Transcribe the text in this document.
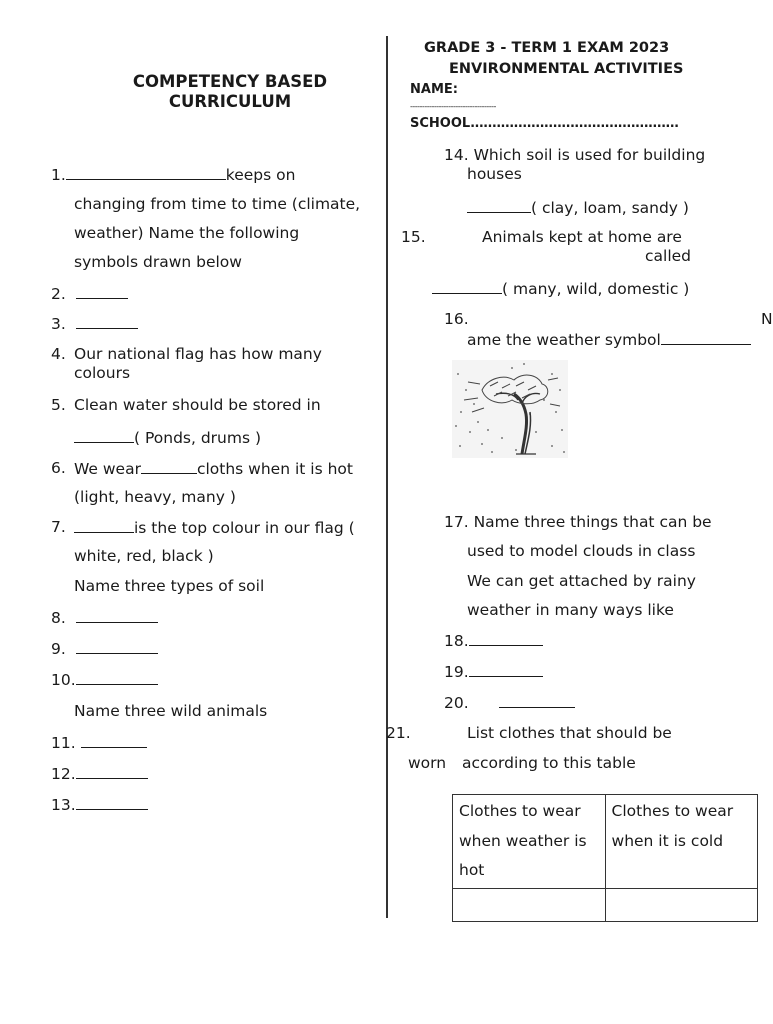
COMPETENCY BASED
CURRICULUM
1.	keeps on
changing from time to time (climate,
weather) Name the following
symbols drawn below
2.
3.
4. Our national flag has how many
colours
5. Clean water should be stored in
( Ponds, drums )
6. We wear	cloths when it is hot
(light, heavy, many )
7.	is the top colour in our flag (
white, red, black )
Name three types of soil
8.
9.
10.
Name three wild animals
11.
12.
13.
GRADE 3 - TERM 1 EXAM 2023
ENVIRONMENTAL ACTIVITIES
NAME:
------------------------------------
SCHOOL................................................
14. Which soil is used for building
houses
( clay, loam, sandy )
15.	Animals kept at home are
called
( many, wild, domestic )
16.	N
ame the weather symbol
17. Name three things that can be
used to model clouds in class
We can get attached by rainy
weather in many ways like
18.
19.
20.
21.	List clothes that should be
worn according to this table
Clothes to wear when weather is hot	Clothes to wear when it is cold
